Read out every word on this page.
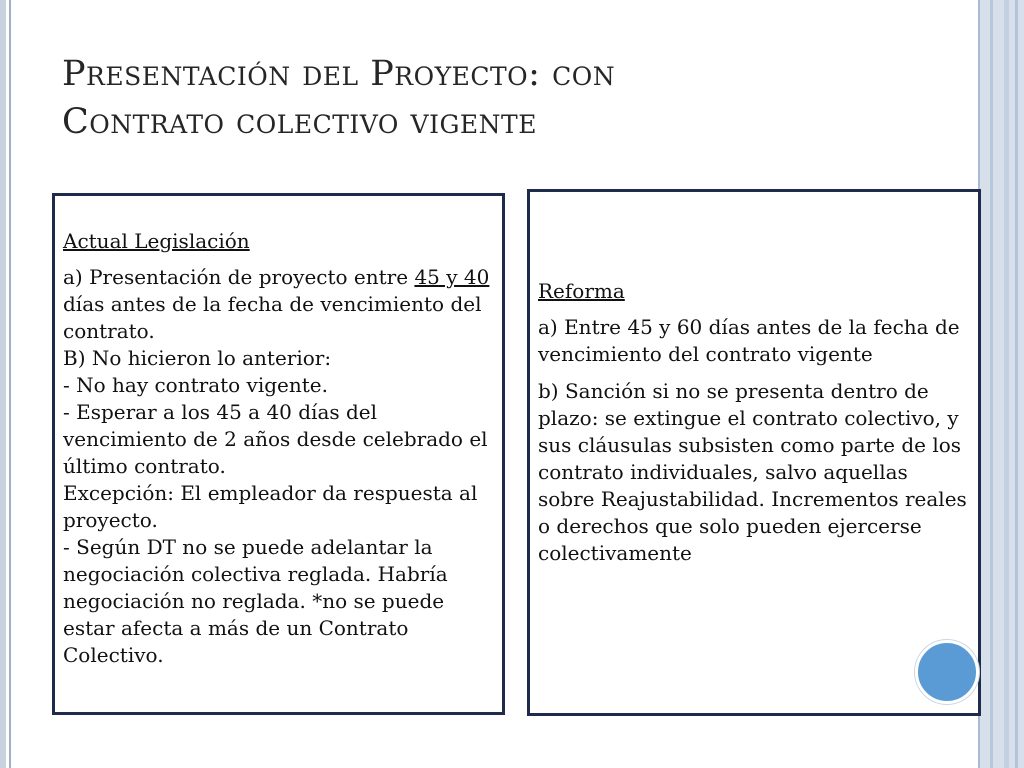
Presentación del Proyecto: con
Contrato colectivo vigente
Actual Legislación
a) Presentación de proyecto entre 45 y 40 días antes de la fecha de vencimiento del contrato.
B) No hicieron lo anterior:
- No hay contrato vigente.
- Esperar a los 45 a 40 días del vencimiento de 2 años desde celebrado el último contrato.
Excepción: El empleador da respuesta al proyecto.
- Según DT no se puede adelantar la negociación colectiva reglada. Habría negociación no reglada. *no se puede estar afecta a más de un Contrato Colectivo.
Reforma
a) Entre 45 y 60 días antes de la fecha de vencimiento del contrato vigente
b) Sanción si no se presenta dentro de plazo: se extingue el contrato colectivo, y sus cláusulas subsisten como parte de los contrato individuales, salvo aquellas sobre Reajustabilidad. Incrementos reales o derechos que solo pueden ejercerse colectivamente
